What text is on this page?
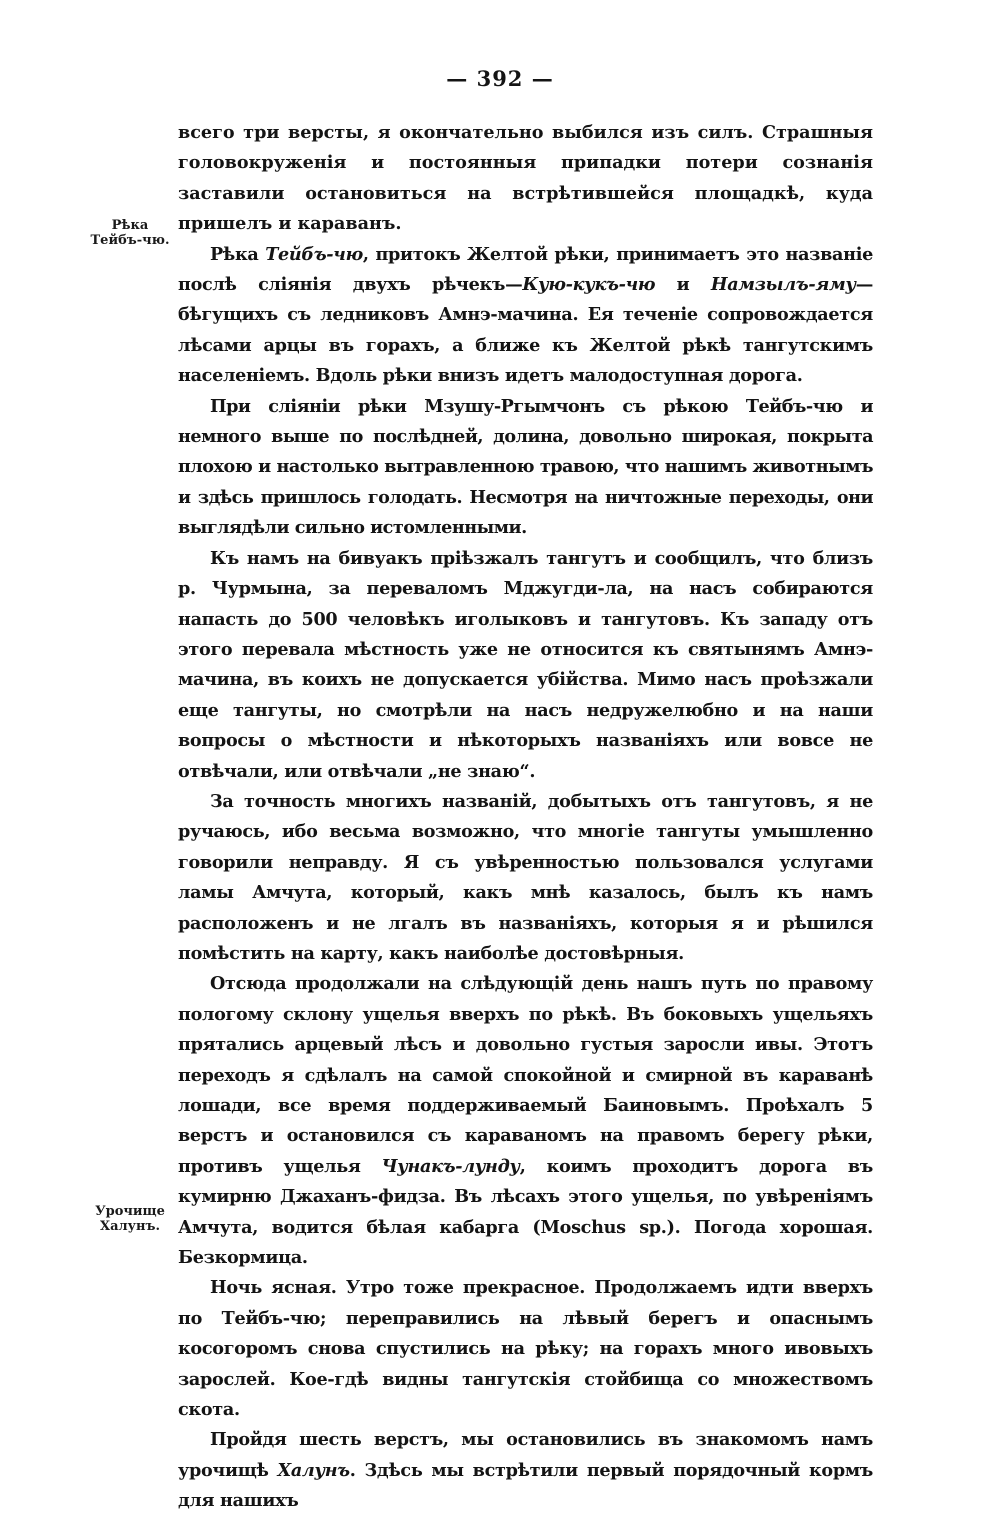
— 392 —
Рѣка Тейбъ-чю.
Урочище Халунъ.

всего три версты, я окончательно выбился изъ силъ. Страшныя головокруженія и постоянныя припадки потери сознанія заставили остановиться на встрѣтившейся площадкѣ, куда пришелъ и караванъ.

Рѣка Тейбъ-чю, притокъ Желтой рѣки, принимаетъ это названіе послѣ сліянія двухъ рѣчекъ—Кую-кукъ-чю и Намзылъ-яму—бѣгущихъ съ ледниковъ Амнэ-мачина. Ея теченіе сопровождается лѣсами арцы въ горахъ, а ближе къ Желтой рѣкѣ тангутскимъ населеніемъ. Вдоль рѣки внизъ идетъ малодоступная дорога.

При сліяніи рѣки Мзушу-Ргымчонъ съ рѣкою Тейбъ-чю и немного выше по послѣдней, долина, довольно широкая, покрыта плохою и настолько вытравленною травою, что нашимъ животнымъ и здѣсь пришлось голодать. Несмотря на ничтожные переходы, они выглядѣли сильно истомленными.

Къ намъ на бивуакъ пріѣзжалъ тангутъ и сообщилъ, что близъ р. Чурмына, за переваломъ Мджугди-ла, на насъ собираются напасть до 500 человѣкъ иголыковъ и тангутовъ. Къ западу отъ этого перевала мѣстность уже не относится къ святынямъ Амнэ-мачина, въ коихъ не допускается убійства. Мимо насъ проѣзжали еще тангуты, но смотрѣли на насъ недружелюбно и на наши вопросы о мѣстности и нѣкоторыхъ названіяхъ или вовсе не отвѣчали, или отвѣчали „не знаю“.

За точность многихъ названій, добытыхъ отъ тангутовъ, я не ручаюсь, ибо весьма возможно, что многіе тангуты умышленно говорили неправду. Я съ увѣренностью пользовался услугами ламы Амчута, который, какъ мнѣ казалось, былъ къ намъ расположенъ и не лгалъ въ названіяхъ, которыя я и рѣшился помѣстить на карту, какъ наиболѣе достовѣрныя.

Отсюда продолжали на слѣдующій день нашъ путь по правому пологому склону ущелья вверхъ по рѣкѣ. Въ боковыхъ ущельяхъ прятались арцевый лѣсъ и довольно густыя заросли ивы. Этотъ переходъ я сдѣлалъ на самой спокойной и смирной въ караванѣ лошади, все время поддерживаемый Баиновымъ. Проѣхалъ 5 верстъ и остановился съ караваномъ на правомъ берегу рѣки, противъ ущелья Чунакъ-лунду, коимъ проходитъ дорога въ кумирню Джаханъ-фидза. Въ лѣсахъ этого ущелья, по увѣреніямъ Амчута, водится бѣлая кабарга (Moschus sp.). Погода хорошая. Безкормица.

Ночь ясная. Утро тоже прекрасное. Продолжаемъ идти вверхъ по Тейбъ-чю; переправились на лѣвый берегъ и опаснымъ косогоромъ снова спустились на рѣку; на горахъ много ивовыхъ зарослей. Кое-гдѣ видны тангутскія стойбища со множествомъ скота.

Пройдя шесть верстъ, мы остановились въ знакомомъ намъ урочищѣ Халунъ. Здѣсь мы встрѣтили первый порядочный кормъ для нашихъ
